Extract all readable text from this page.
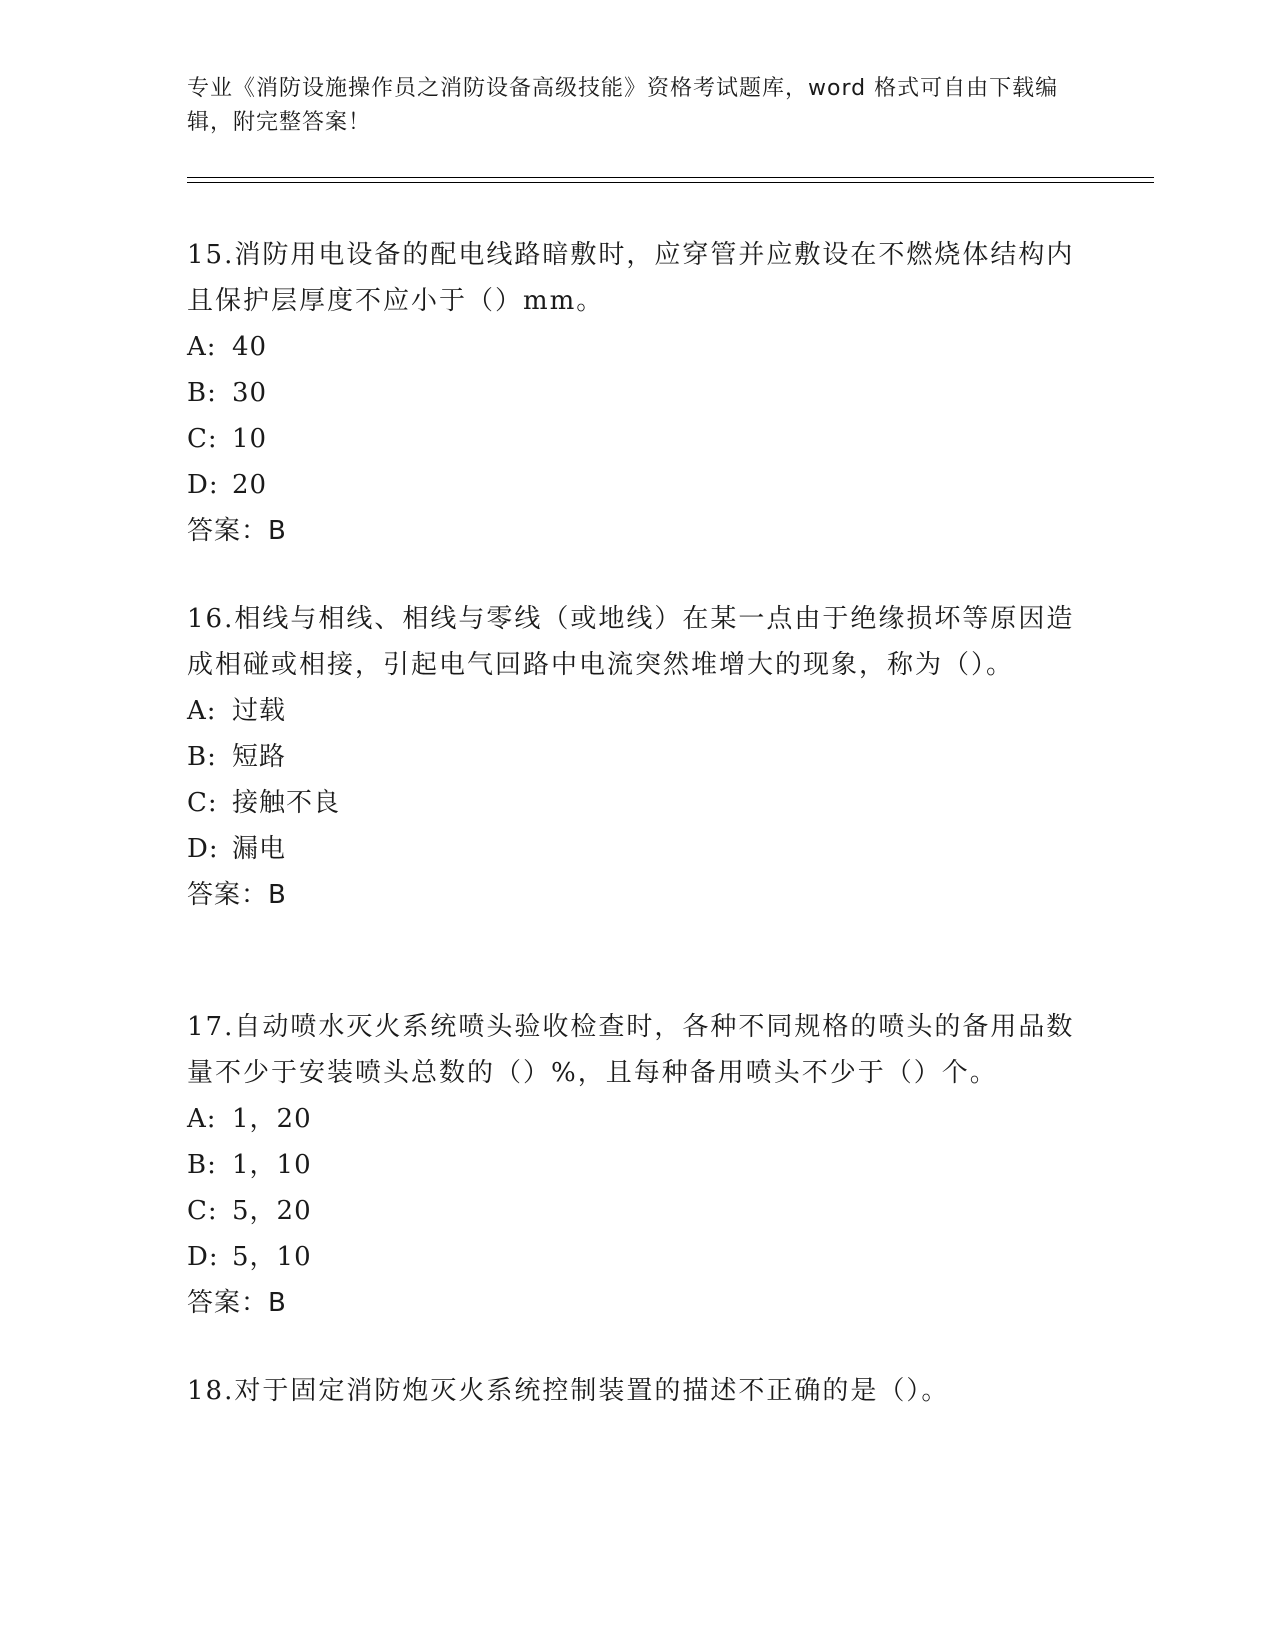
专业《消防设施操作员之消防设备高级技能》资格考试题库，word 格式可自由下载编辑，附完整答案！

15.消防用电设备的配电线路暗敷时，应穿管并应敷设在不燃烧体结构内且保护层厚度不应小于（）mm。

A: 40

B: 30

C: 10

D: 20

答案：B

16.相线与相线、相线与零线（或地线）在某一点由于绝缘损坏等原因造成相碰或相接，引起电气回路中电流突然堆增大的现象，称为（）。

A: 过载

B: 短路

C: 接触不良

D: 漏电

答案：B

17.自动喷水灭火系统喷头验收检查时，各种不同规格的喷头的备用品数量不少于安装喷头总数的（）%，且每种备用喷头不少于（）个。

A: 1，20

B: 1，10

C: 5，20

D: 5，10

答案：B

18.对于固定消防炮灭火系统控制装置的描述不正确的是（）。
